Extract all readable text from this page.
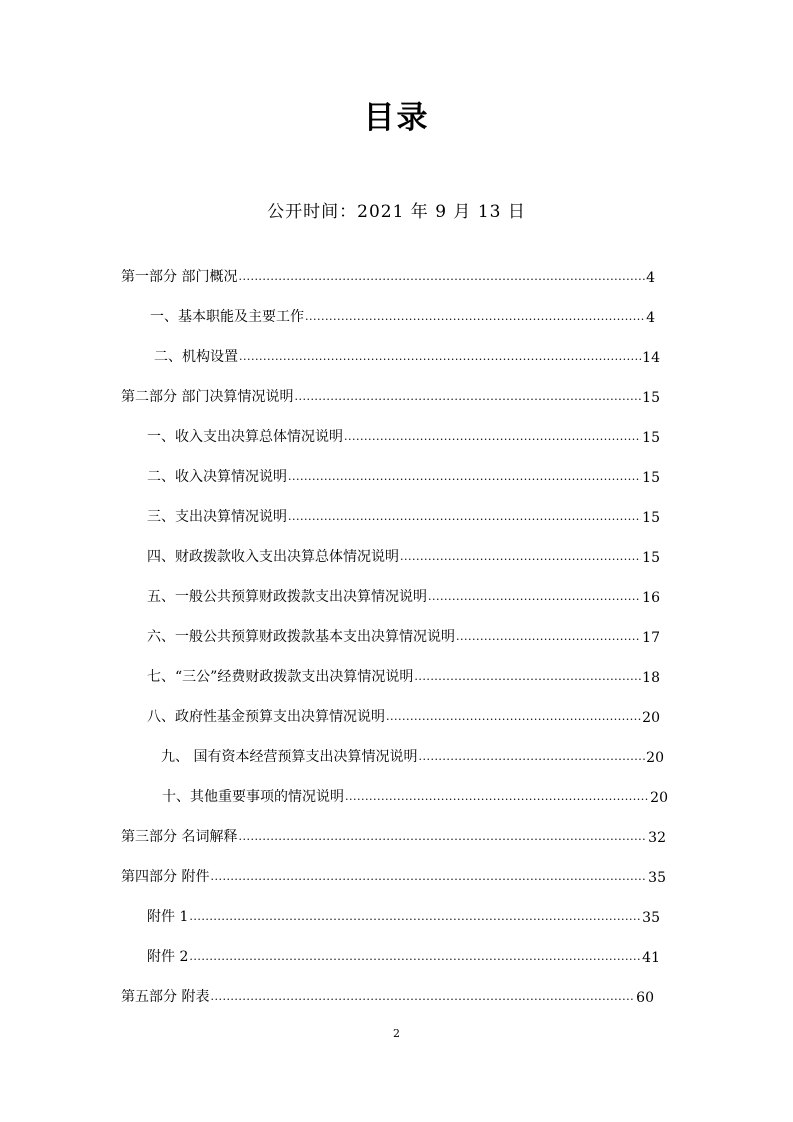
目录
公开时间：2021 年 9 月 13 日
第一部分 部门概况 .....	4
一、基本职能及主要工作 .....	4
二、机构设置 .....	14
第二部分 部门决算情况说明 .....	15
一、收入支出决算总体情况说明 .....	15
二、收入决算情况说明 .....	15
三、支出决算情况说明 .....	15
四、财政拨款收入支出决算总体情况说明 .....	15
五、一般公共预算财政拨款支出决算情况说明 .....	16
六、一般公共预算财政拨款基本支出决算情况说明 .....	17
七、“三公”经费财政拨款支出决算情况说明 .....	18
八、政府性基金预算支出决算情况说明 .....	20
九、 国有资本经营预算支出决算情况说明 .....	20
十、其他重要事项的情况说明 .....	20
第三部分 名词解释 .....	32
第四部分 附件 .....	35
附件 1 .....	35
附件 2 .....	41
第五部分 附表 .....	60
2
